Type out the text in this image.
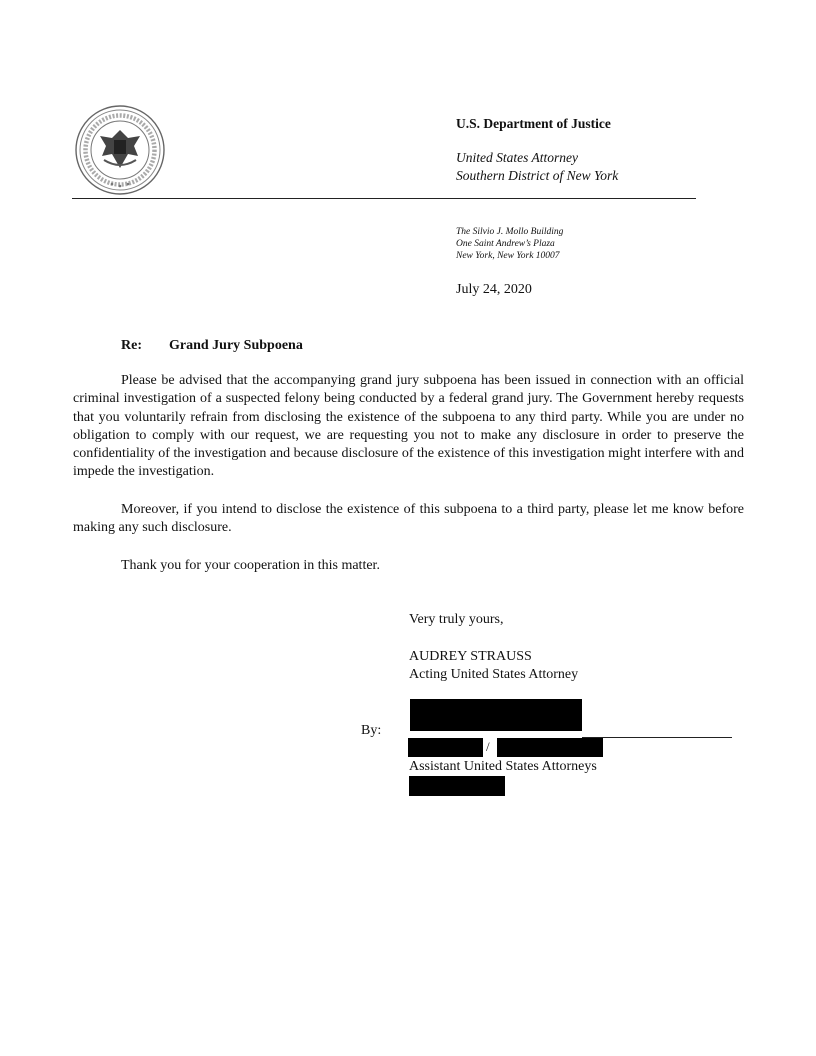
U.S. Department of Justice
United States Attorney
Southern District of New York
The Silvio J. Mollo Building
One Saint Andrew’s Plaza
New York, New York 10007
July 24, 2020
Re: Grand Jury Subpoena
Please be advised that the accompanying grand jury subpoena has been issued in connection with an official criminal investigation of a suspected felony being conducted by a federal grand jury. The Government hereby requests that you voluntarily refrain from disclosing the existence of the subpoena to any third party. While you are under no obligation to comply with our request, we are requesting you not to make any disclosure in order to preserve the confidentiality of the investigation and because disclosure of the existence of this investigation might interfere with and impede the investigation.
Moreover, if you intend to disclose the existence of this subpoena to a third party, please let me know before making any such disclosure.
Thank you for your cooperation in this matter.
Very truly yours,
AUDREY STRAUSS
Acting United States Attorney
By:
/
Assistant United States Attorneys
